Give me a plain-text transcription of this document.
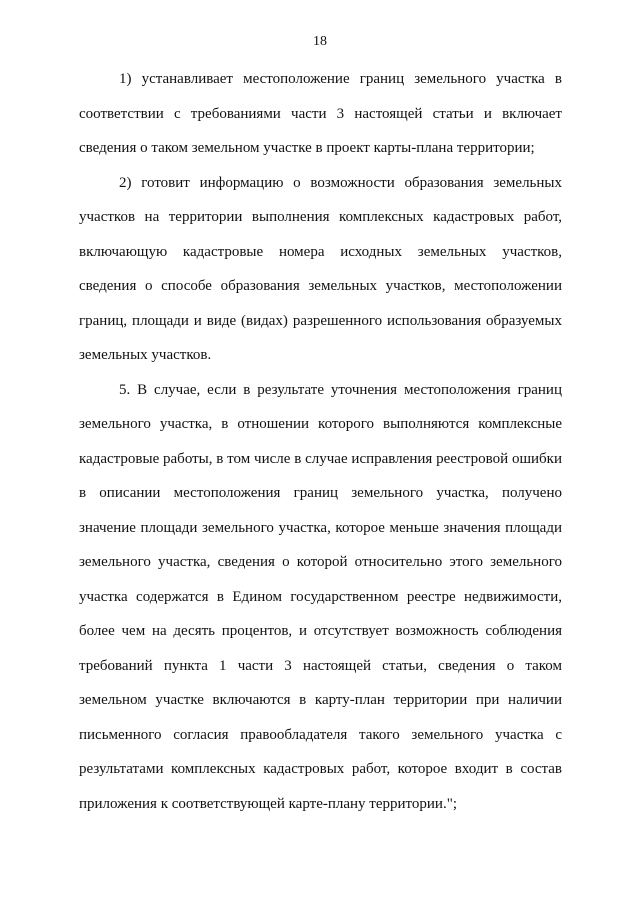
18
1) устанавливает местоположение границ земельного участка в
соответствии с требованиями части 3 настоящей статьи и включает
сведения о таком земельном участке в проект карты-плана территории;
2) готовит информацию о возможности образования земельных
участков на территории выполнения комплексных кадастровых работ,
включающую кадастровые номера исходных земельных участков,
сведения о способе образования земельных участков, местоположении
границ, площади и виде (видах) разрешенного использования образуемых
земельных участков.
5. В случае, если в результате уточнения местоположения границ
земельного участка, в отношении которого выполняются комплексные
кадастровые работы, в том числе в случае исправления реестровой ошибки
в описании местоположения границ земельного участка, получено
значение площади земельного участка, которое меньше значения площади
земельного участка, сведения о которой относительно этого земельного
участка содержатся в Едином государственном реестре недвижимости,
более чем на десять процентов, и отсутствует возможность соблюдения
требований пункта 1 части 3 настоящей статьи, сведения о таком
земельном участке включаются в карту-план территории при наличии
письменного согласия правообладателя такого земельного участка с
результатами комплексных кадастровых работ, которое входит в состав
приложения к соответствующей карте-плану территории.";
